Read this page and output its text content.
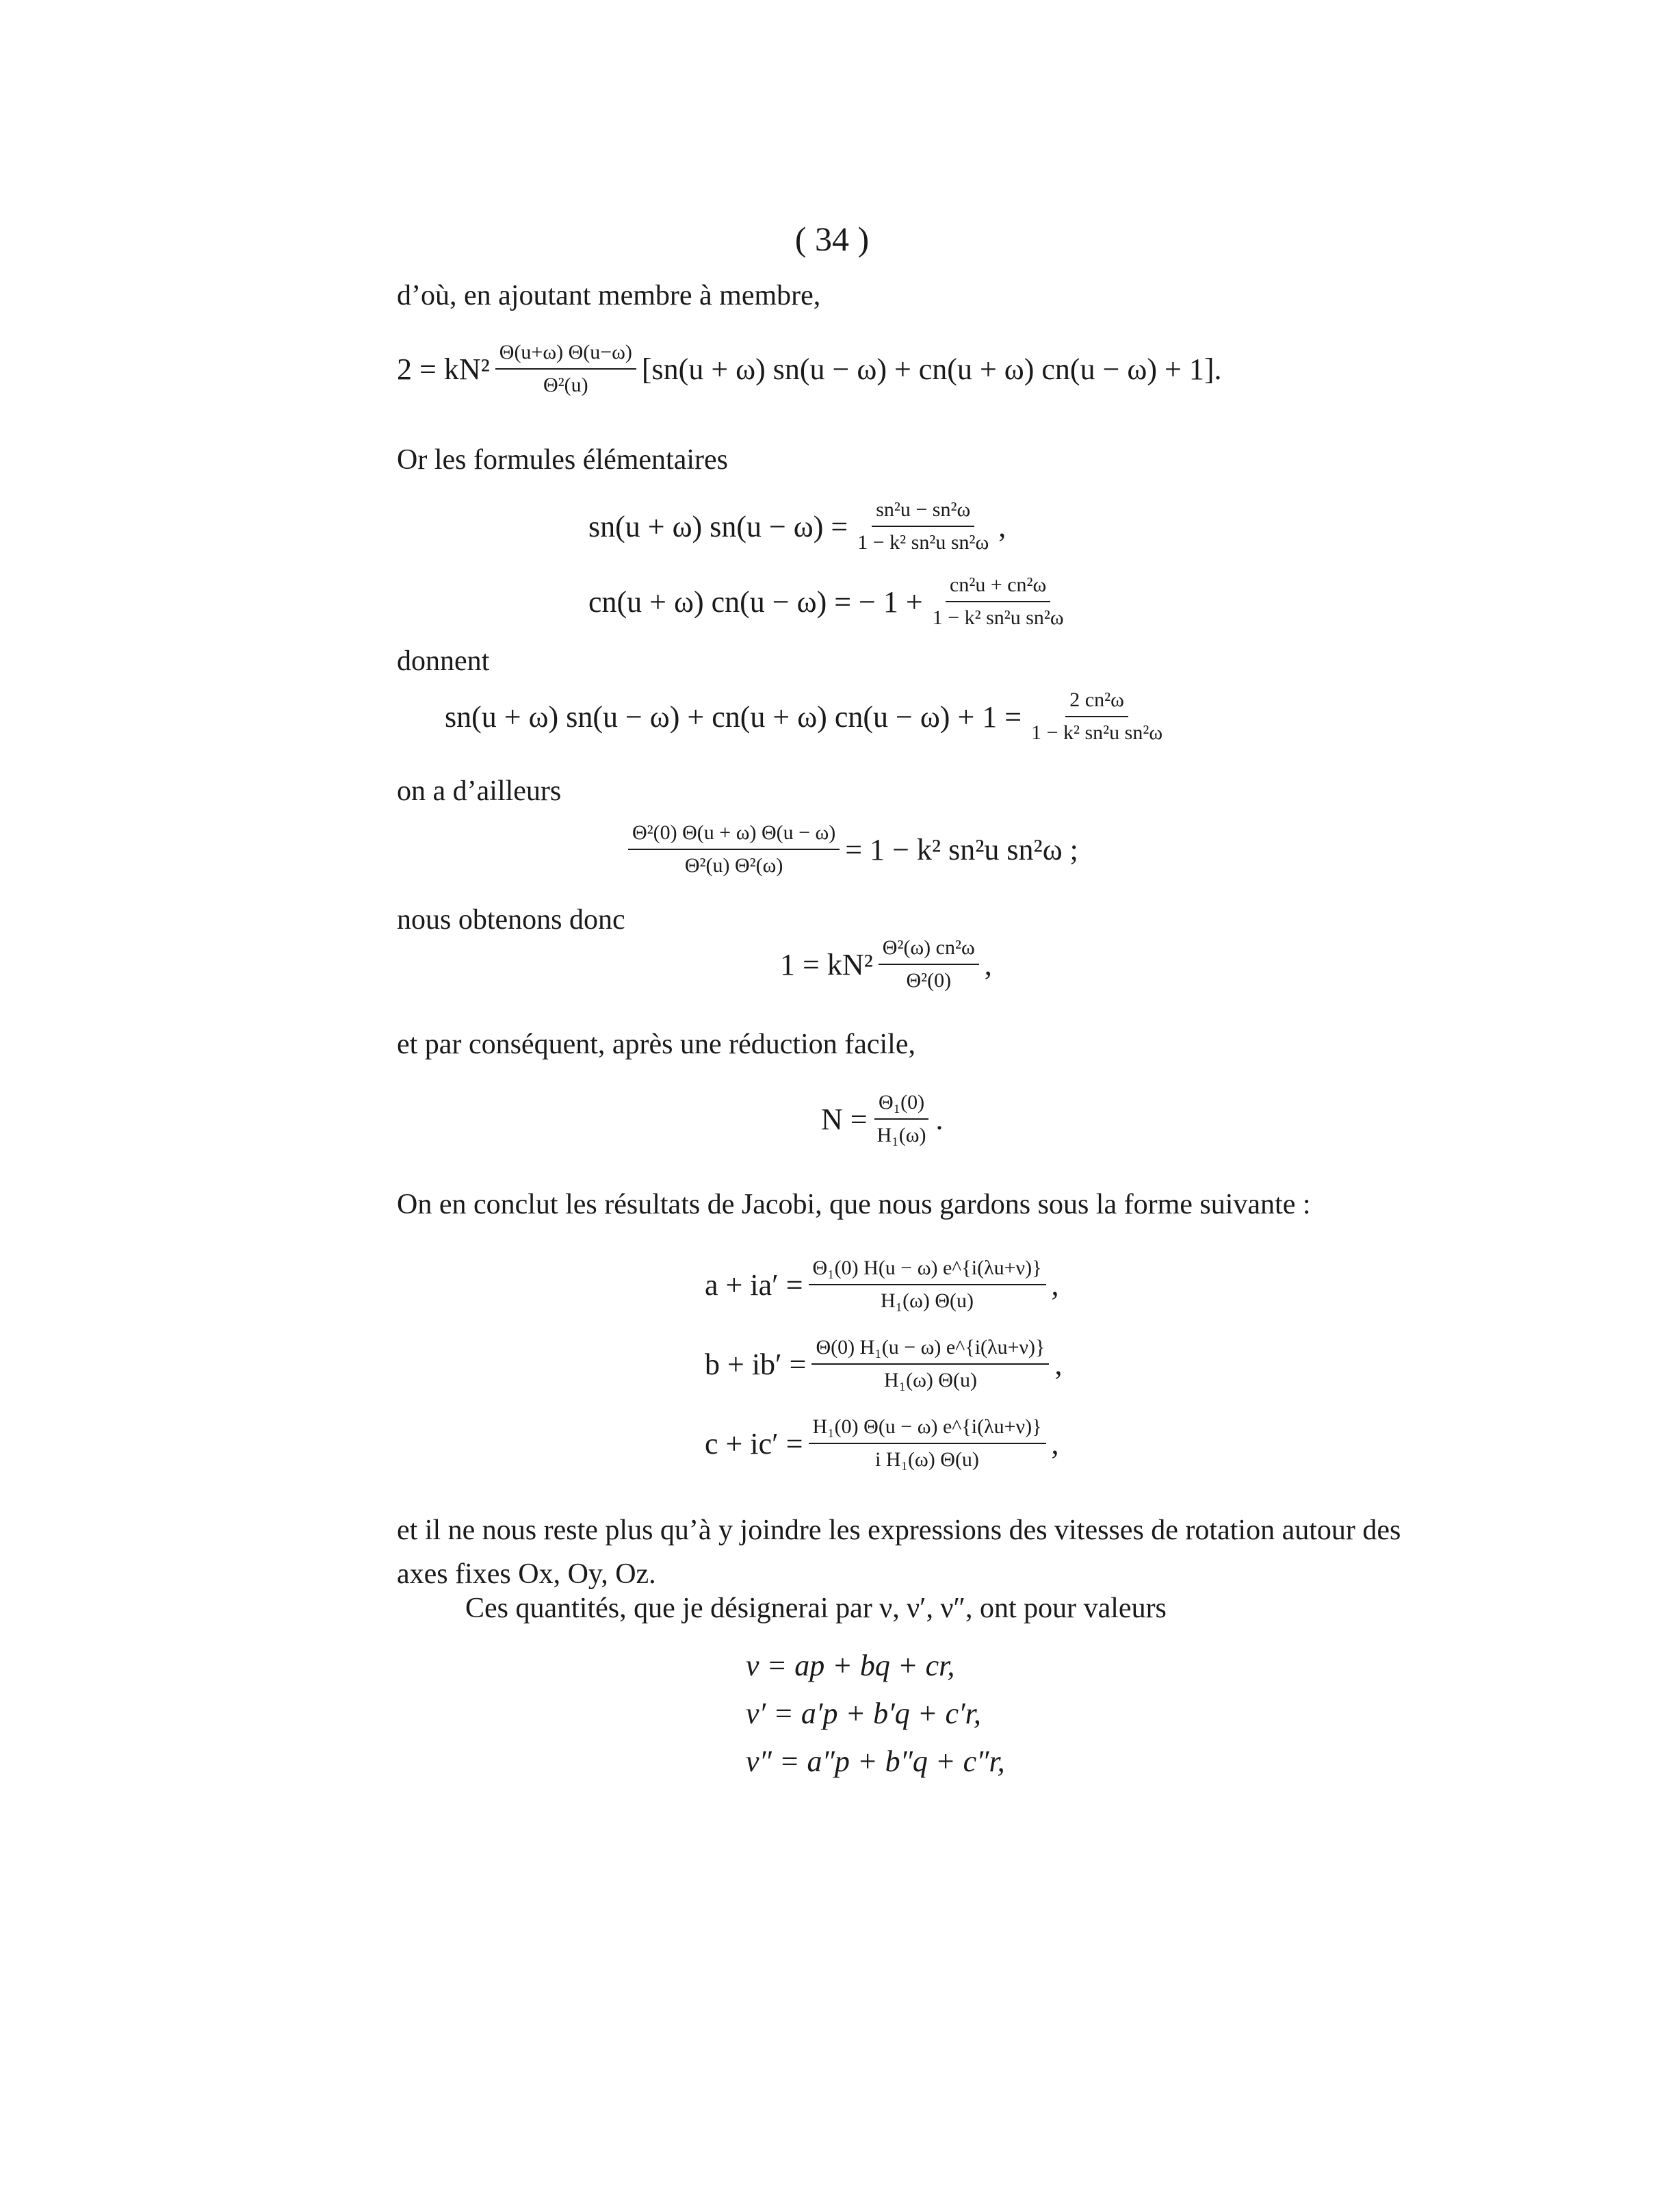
( 34 )
d’où, en ajoutant membre à membre,
$2 = kN^2 \frac{\Theta(u+\omega) \Theta(u-\omega)}{\text{Θ²(u)}} [sn(u + \omega) sn(u - \omega) + cn(u + \omega) cn(u - \omega) + 1]$.
Or les formules élémentaires
sn(u + ω) $sn(u - \omega) = \frac{\text{sn²u − sn²ω}}{\text{1 − k² sn²u sn²ω}}$ ,
cn(u + ω) cn(u − ω) = − $1 + \frac{\text{cn²u + cn²ω}}{\text{1 − k² sn²u sn²ω}}$
donnent
sn(u + ω) sn(u − ω) + cn(u + ω) $cn(u - \omega) + 1 = \frac{\text{2 cn²ω}}{\text{1 − k² sn²u sn²ω}}$
on a d’ailleurs
$\frac{\text{Θ²(0) Θ(u + ω) Θ(u − ω)}}{\text{Θ²(u) Θ²(ω)}} = 1 - k^2$ sn²u sn²ω ;
nous obtenons donc
$1 = kN^2 \frac{\text{Θ²(ω) cn²ω}}{\text{Θ²(0)}}$ ,
et par conséquent, après une réduction facile,
$N = \frac{\text{Θ₁(0)}}{\text{H₁(ω)}}$ .
On en conclut les résultats de Jacobi, que nous gardons sous la forme suivante :
$a + ia' = \frac{\text{Θ₁(0) H(u − ω) e\textasciicircum{}\{i(λu+ν)\}}}{\text{H₁(ω) Θ(u)}}$ ,
$b + ib' = \frac{\text{Θ(0) H₁(u − ω) e\textasciicircum{}\{i(λu+ν)\}}}{\text{H₁(ω) Θ(u)}}$ ,
$c + ic' = \frac{\text{H₁(0) Θ(u − ω) e\textasciicircum{}\{i(λu+ν)\}}}{\text{i H₁(ω) Θ(u)}}$ ,
et il ne nous reste plus qu’à y joindre les expressions des vitesses de rotation autour des axes fixes Ox, Oy, Oz.
Ces quantités, que je désignerai par ν, ν′, ν″, ont pour valeurs
ν = ap + bq + cr,
ν′ = a′p + b′q + c′r,
ν″ = a″p + b″q + c″r,
